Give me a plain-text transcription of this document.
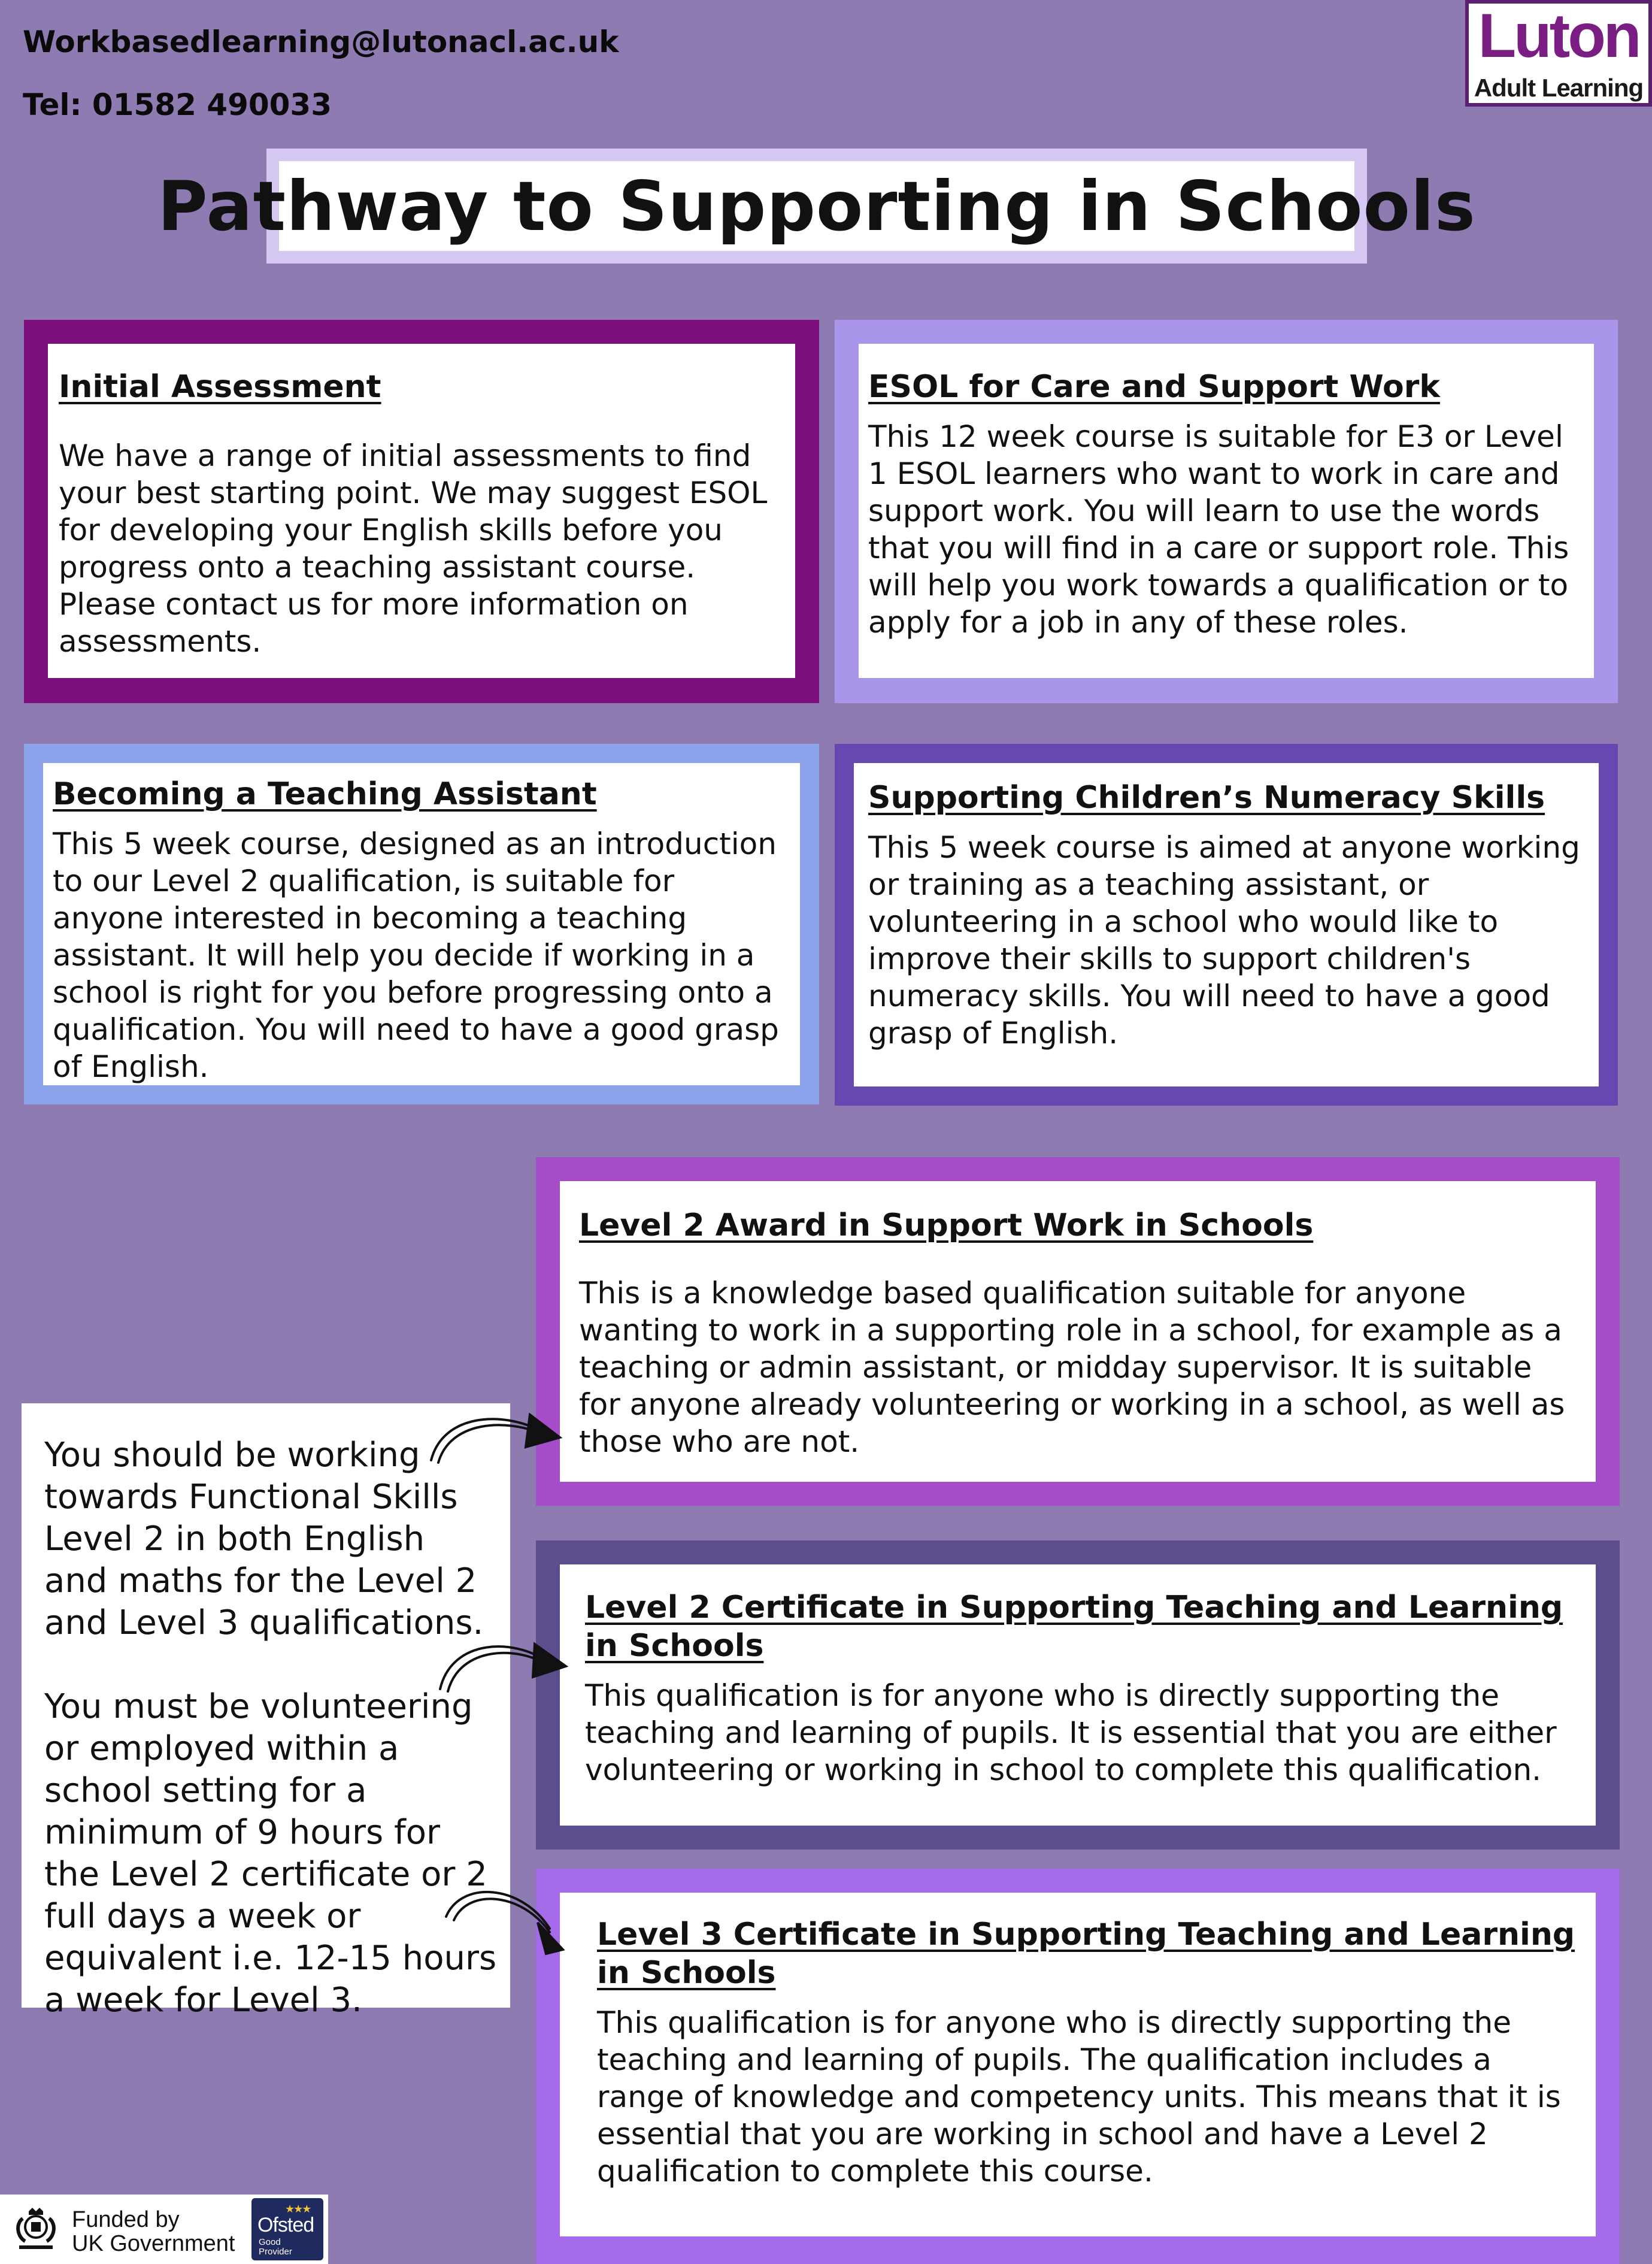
Workbasedlearning@lutonacl.ac.uk
Tel: 01582 490033
Luton
Adult Learning
Pathway to Supporting in Schools

Initial Assessment

We have a range of initial assessments to find your best starting point. We may suggest ESOL for developing your English skills before you progress onto a teaching assistant course. Please contact us for more information on assessments.

ESOL for Care and Support Work

This 12 week course is suitable for E3 or Level 1 ESOL learners who want to work in care and support work. You will learn to use the words that you will find in a care or support role. This will help you work towards a qualification or to apply for a job in any of these roles.

Becoming a Teaching Assistant

This 5 week course, designed as an introduction to our Level 2 qualification, is suitable for anyone interested in becoming a teaching assistant. It will help you decide if working in a school is right for you before progressing onto a qualification. You will need to have a good grasp of English.

Supporting Children’s Numeracy Skills

This 5 week course is aimed at anyone working or training as a teaching assistant, or volunteering in a school who would like to improve their skills to support children's numeracy skills. You will need to have a good grasp of English.

Level 2 Award in Support Work in Schools

This is a knowledge based qualification suitable for anyone wanting to work in a supporting role in a school, for example as a teaching or admin assistant, or midday supervisor. It is suitable for anyone already volunteering or working in a school, as well as those who are not.

Level 2 Certificate in Supporting Teaching and Learning in Schools

This qualification is for anyone who is directly supporting the teaching and learning of pupils. It is essential that you are either volunteering or working in school to complete this qualification.

Level 3 Certificate in Supporting Teaching and Learning in Schools

This qualification is for anyone who is directly supporting the teaching and learning of pupils. The qualification includes a range of knowledge and competency units. This means that it is essential that you are working in school and have a Level 2 qualification to complete this course.

You should be working towards Functional Skills Level 2 in both English and maths for the Level 2 and Level 3 qualifications.

You must be volunteering or employed within a school setting for a minimum of 9 hours for the Level 2 certificate or 2 full days a week or equivalent i.e. 12-15 hours a week for Level 3.

Funded by
UK Government
★★★
Ofsted
Good
Provider
